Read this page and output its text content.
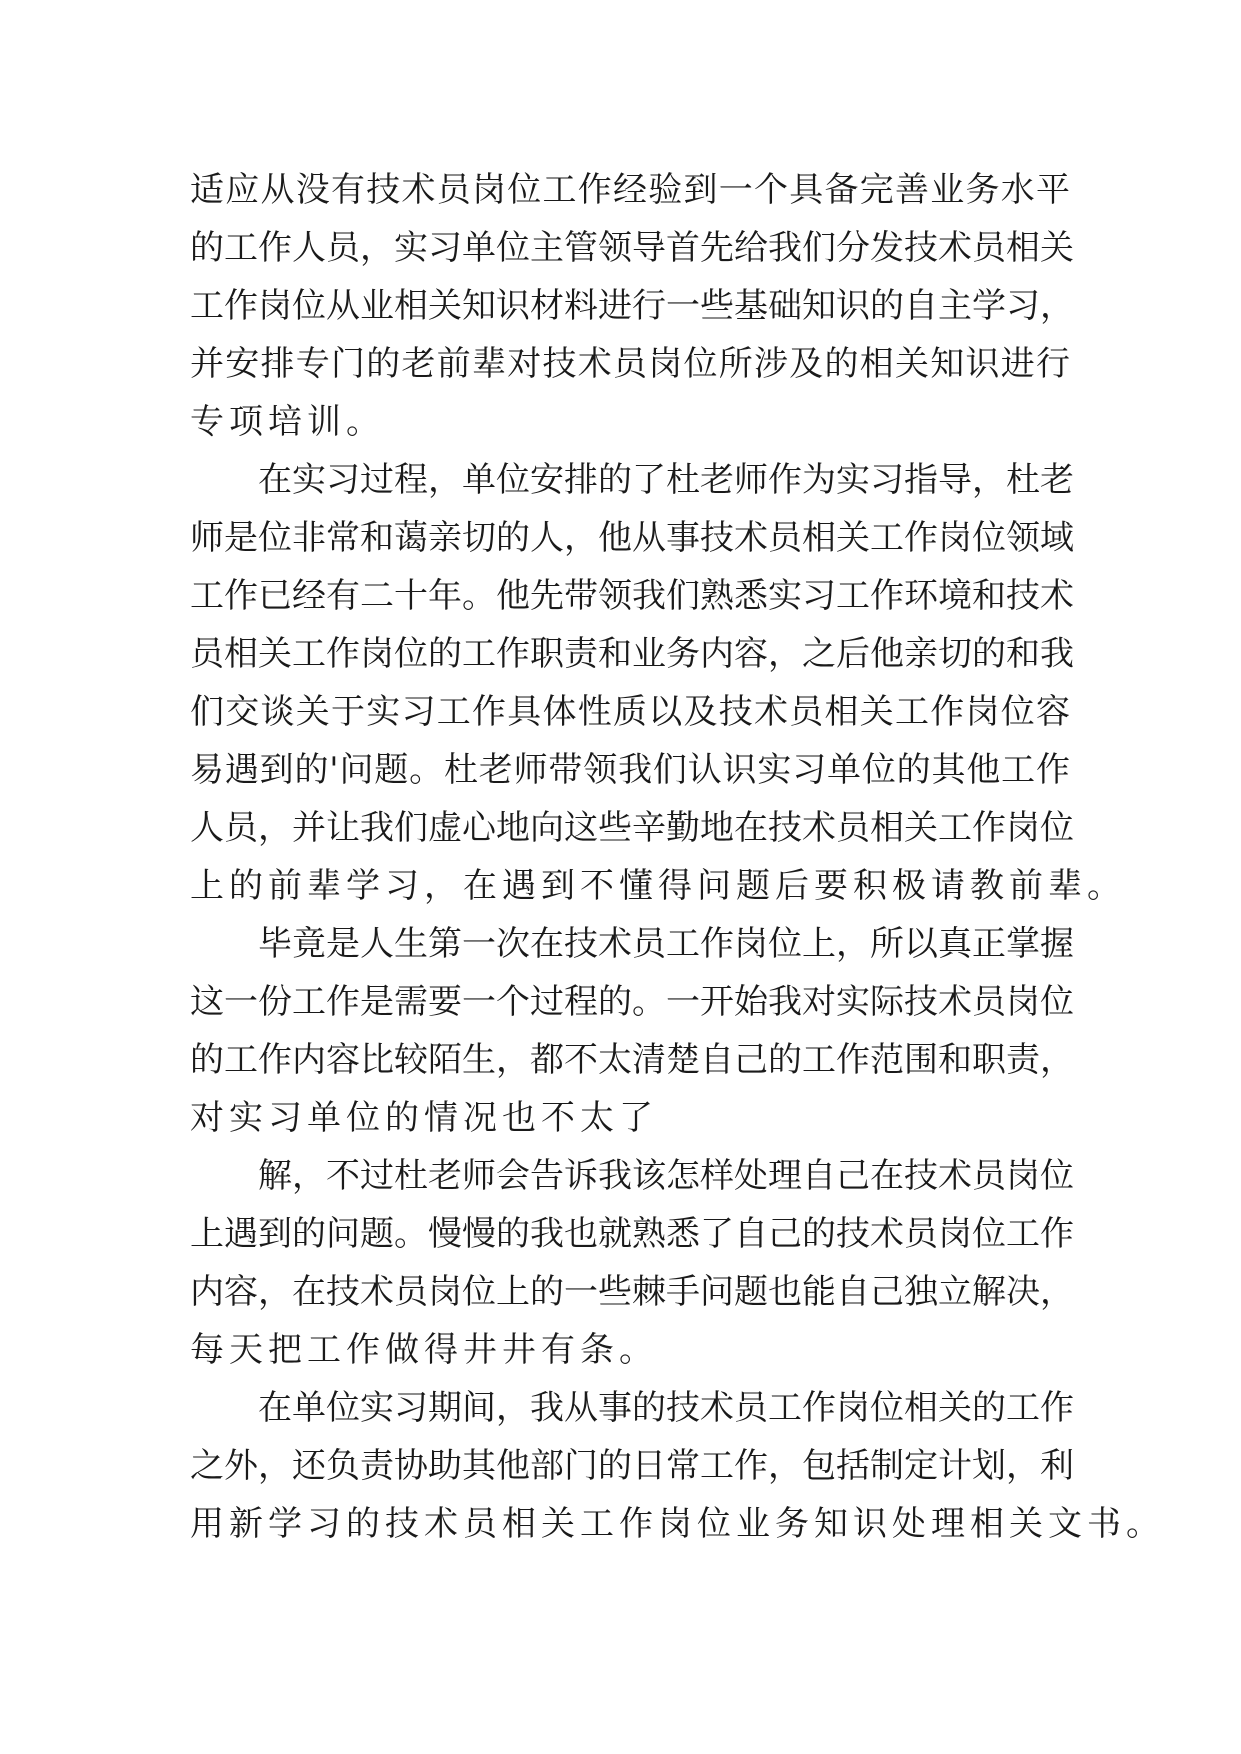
适应从没有技术员岗位工作经验到一个具备完善业务水平
的工作人员，实习单位主管领导首先给我们分发技术员相关
工作岗位从业相关知识材料进行一些基础知识的自主学习，
并安排专门的老前辈对技术员岗位所涉及的相关知识进行
专项培训。
在实习过程，单位安排的了杜老师作为实习指导，杜老
师是位非常和蔼亲切的人，他从事技术员相关工作岗位领域
工作已经有二十年。他先带领我们熟悉实习工作环境和技术
员相关工作岗位的工作职责和业务内容，之后他亲切的和我
们交谈关于实习工作具体性质以及技术员相关工作岗位容
易遇到的'问题。杜老师带领我们认识实习单位的其他工作
人员，并让我们虚心地向这些辛勤地在技术员相关工作岗位
上的前辈学习，在遇到不懂得问题后要积极请教前辈。
毕竟是人生第一次在技术员工作岗位上，所以真正掌握
这一份工作是需要一个过程的。一开始我对实际技术员岗位
的工作内容比较陌生，都不太清楚自己的工作范围和职责，
对实习单位的情况也不太了
解，不过杜老师会告诉我该怎样处理自己在技术员岗位
上遇到的问题。慢慢的我也就熟悉了自己的技术员岗位工作
内容，在技术员岗位上的一些棘手问题也能自己独立解决，
每天把工作做得井井有条。
在单位实习期间，我从事的技术员工作岗位相关的工作
之外，还负责协助其他部门的日常工作，包括制定计划，利
用新学习的技术员相关工作岗位业务知识处理相关文书。
